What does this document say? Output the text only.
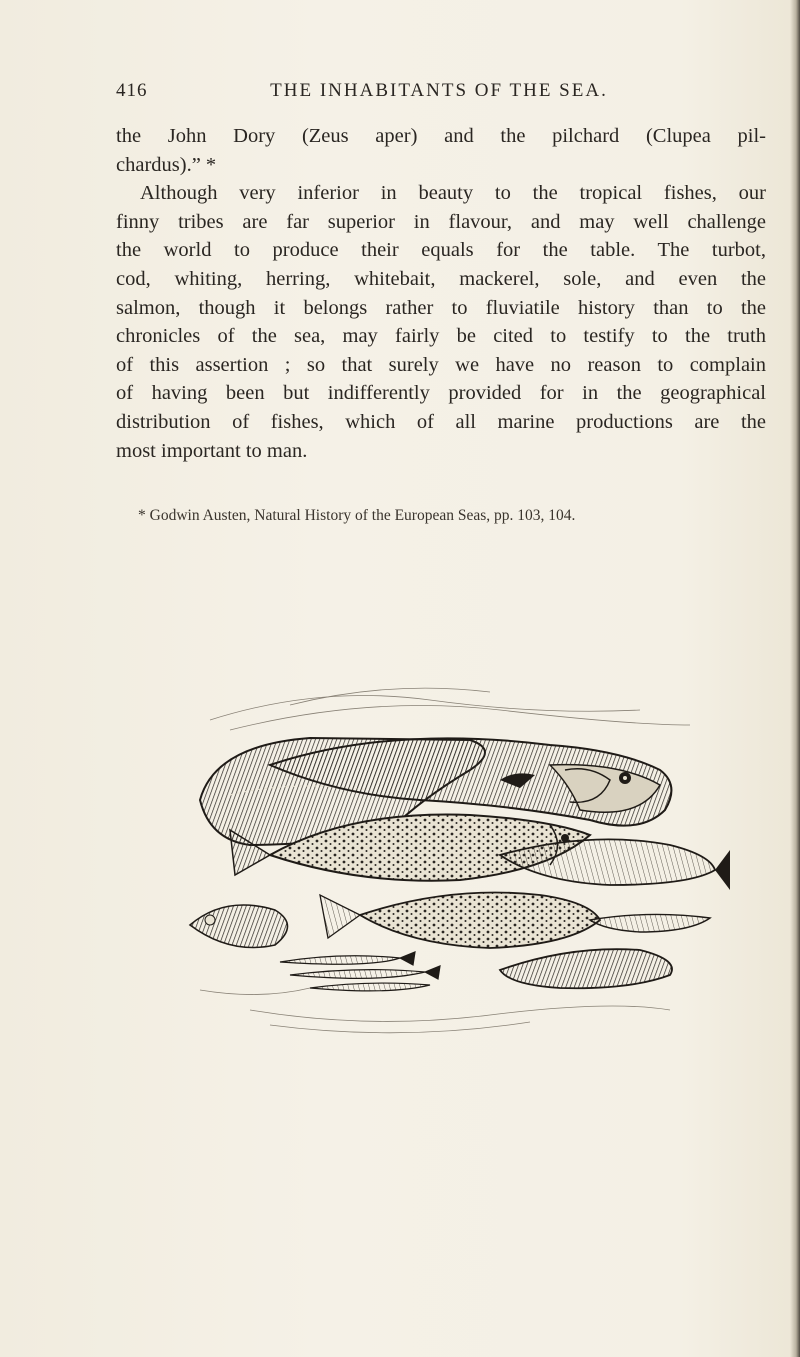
416	THE INHABITANTS OF THE SEA.
the John Dory (Zeus aper) and the pilchard (Clupea pil-
chardus).” *
Although very inferior in beauty to the tropical fishes, our
finny tribes are far superior in flavour, and may well challenge
the world to produce their equals for the table. The turbot,
cod, whiting, herring, whitebait, mackerel, sole, and even the
salmon, though it belongs rather to fluviatile history than to the
chronicles of the sea, may fairly be cited to testify to the truth
of this assertion ; so that surely we have no reason to complain
of having been but indifferently provided for in the geographical
distribution of fishes, which of all marine productions are the
most important to man.
* Godwin Austen, Natural History of the European Seas, pp. 103, 104.
